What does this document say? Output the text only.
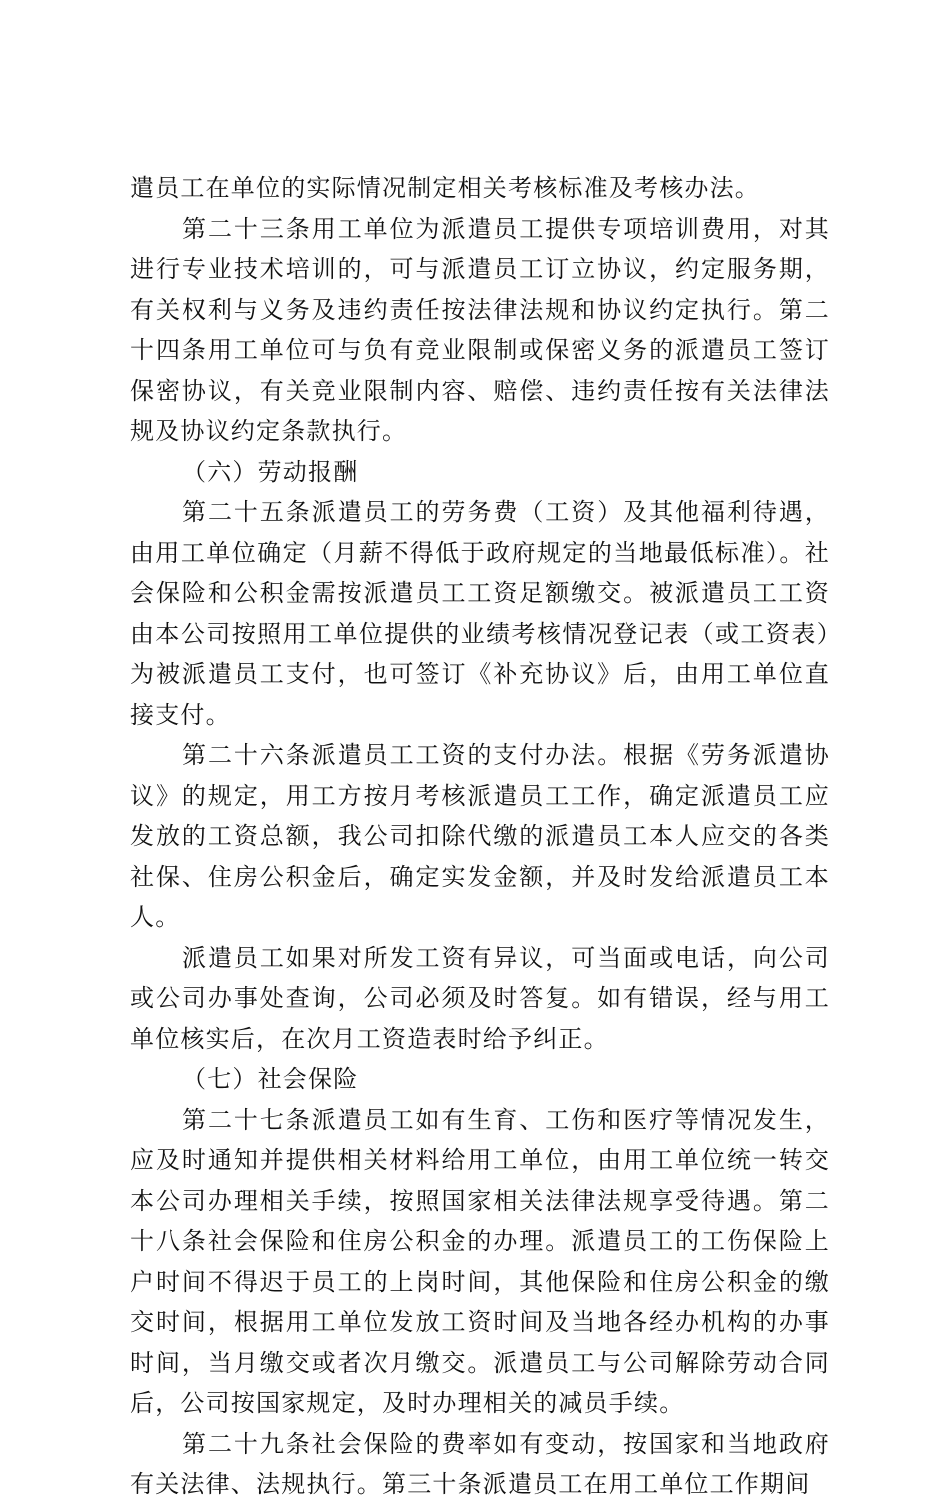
遣员工在单位的实际情况制定相关考核标准及考核办法。

第二十三条用工单位为派遣员工提供专项培训费用，对其进行专业技术培训的，可与派遣员工订立协议，约定服务期，有关权利与义务及违约责任按法律法规和协议约定执行。第二十四条用工单位可与负有竞业限制或保密义务的派遣员工签订保密协议，有关竞业限制内容、赔偿、违约责任按有关法律法规及协议约定条款执行。

（六）劳动报酬

第二十五条派遣员工的劳务费（工资）及其他福利待遇，由用工单位确定（月薪不得低于政府规定的当地最低标准）。社会保险和公积金需按派遣员工工资足额缴交。被派遣员工工资由本公司按照用工单位提供的业绩考核情况登记表（或工资表）为被派遣员工支付，也可签订《补充协议》后，由用工单位直接支付。

第二十六条派遣员工工资的支付办法。根据《劳务派遣协议》的规定，用工方按月考核派遣员工工作，确定派遣员工应发放的工资总额，我公司扣除代缴的派遣员工本人应交的各类社保、住房公积金后，确定实发金额，并及时发给派遣员工本人。

派遣员工如果对所发工资有异议，可当面或电话，向公司或公司办事处查询，公司必须及时答复。如有错误，经与用工单位核实后，在次月工资造表时给予纠正。

（七）社会保险

第二十七条派遣员工如有生育、工伤和医疗等情况发生，应及时通知并提供相关材料给用工单位，由用工单位统一转交本公司办理相关手续，按照国家相关法律法规享受待遇。第二十八条社会保险和住房公积金的办理。派遣员工的工伤保险上户时间不得迟于员工的上岗时间，其他保险和住房公积金的缴交时间，根据用工单位发放工资时间及当地各经办机构的办事时间，当月缴交或者次月缴交。派遣员工与公司解除劳动合同后，公司按国家规定，及时办理相关的减员手续。

第二十九条社会保险的费率如有变动，按国家和当地政府有关法律、法规执行。第三十条派遣员工在用工单位工作期间
